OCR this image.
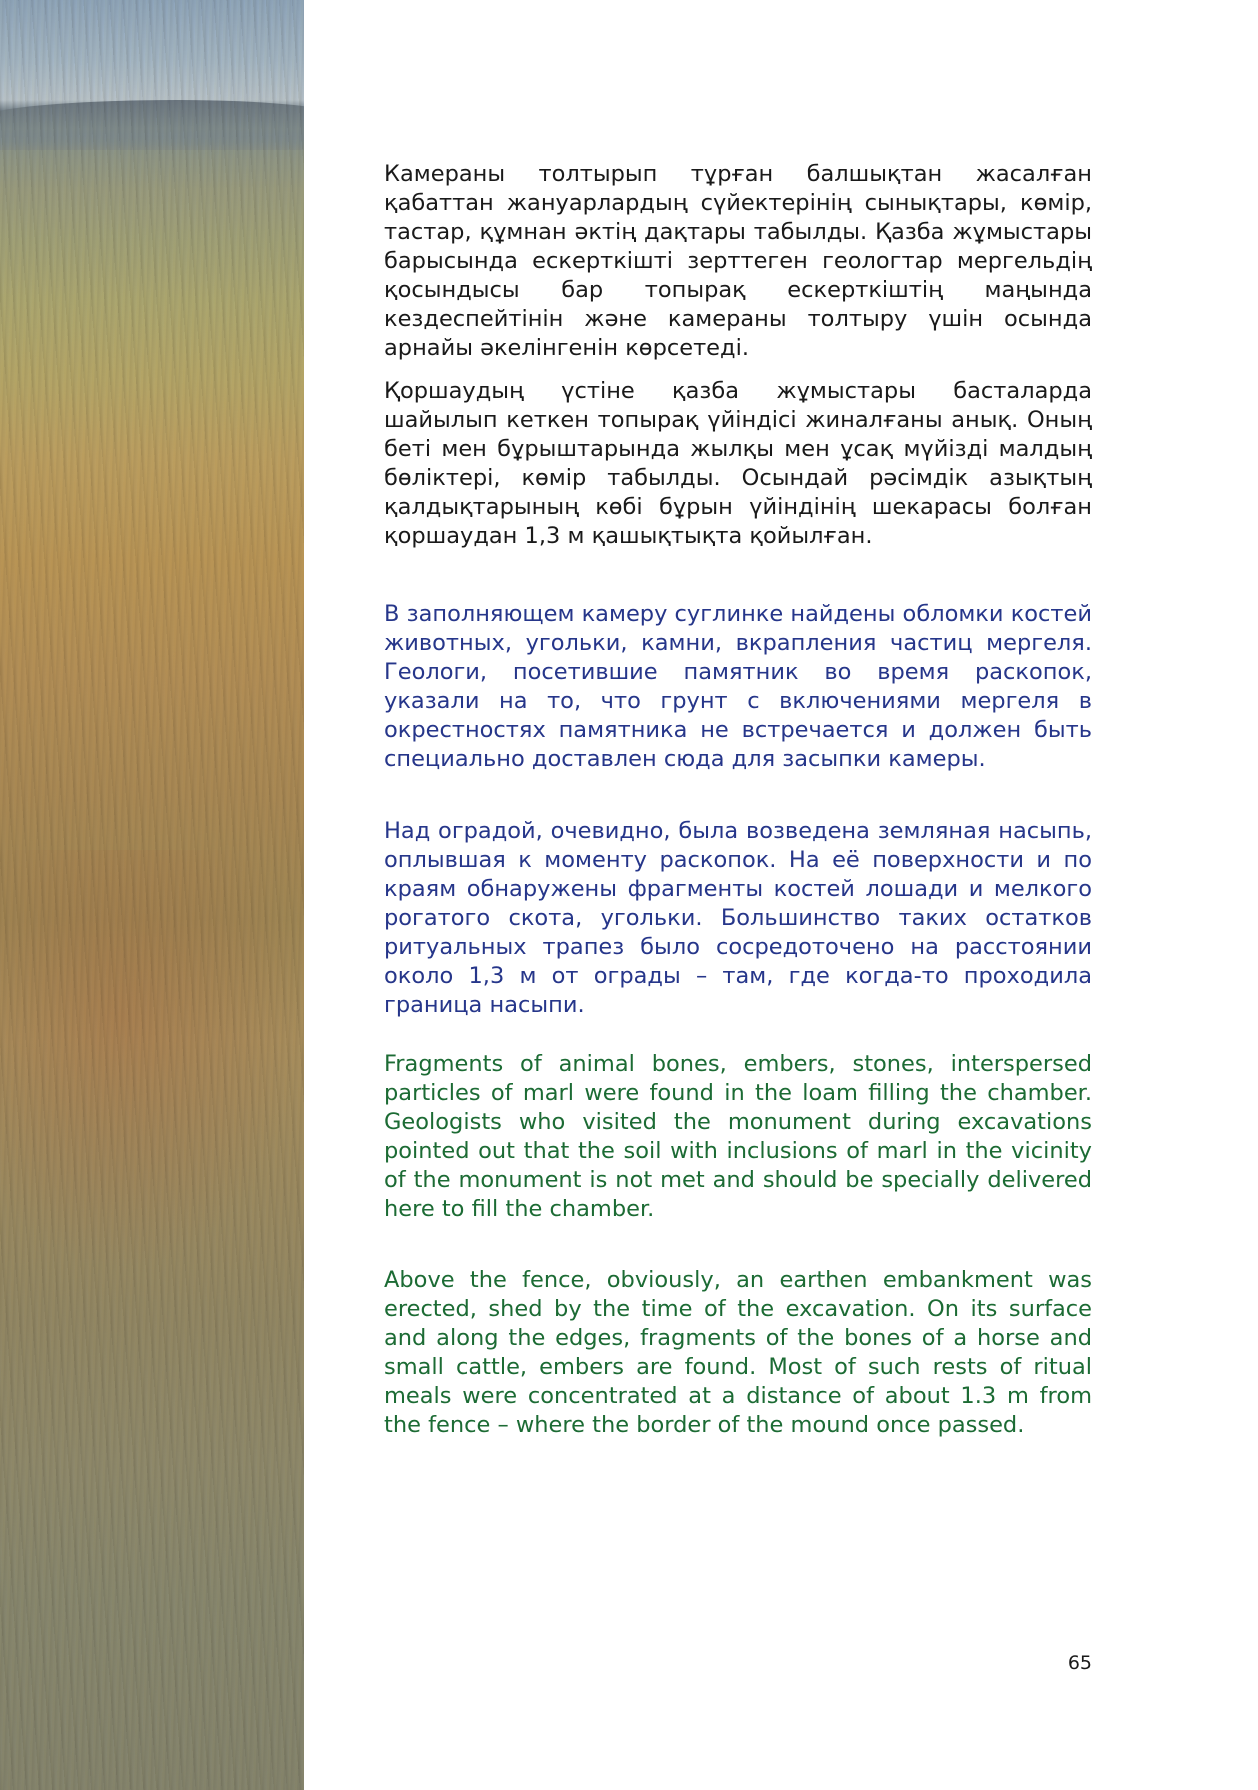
Камераны толтырып тұрған балшықтан жасалған қабаттан жануарлардың сүйектерінің сынықтары, көмір, тастар, құмнан әктің дақтары табылды. Қазба жұмыстары барысында ескерткішті зерттеген геологтар мергельдің қосындысы бар топырақ ескерткіштің маңында кездеспейтінін және камераны толтыру үшін осында арнайы әкелінгенін көрсетеді.

Қоршаудың үстіне қазба жұмыстары басталарда шайылып кеткен топырақ үйіндісі жиналғаны анық. Оның беті мен бұрыштарында жылқы мен ұсақ мүйізді малдың бөліктері, көмір табылды. Осындай рәсімдік азықтың қалдықтарының көбі бұрын үйіндінің шекарасы болған қоршаудан 1,3 м қашықтықта қойылған.

В заполняющем камеру суглинке найдены обломки костей животных, угольки, камни, вкрапления частиц мергеля. Геологи, посетившие памятник во время раскопок, указали на то, что грунт с включениями мергеля в окрестностях памятника не встречается и должен быть специально доставлен сюда для засыпки камеры.

Над оградой, очевидно, была возведена земляная насыпь, оплывшая к моменту раскопок. На её поверхности и по краям обнаружены фрагменты костей лошади и мелкого рогатого скота, угольки. Большинство таких остатков ритуальных трапез было сосредоточено на расстоянии около 1,3 м от ограды – там, где когда-то проходила граница насыпи.

Fragments of animal bones, embers, stones, interspersed particles of marl were found in the loam filling the chamber. Geologists who visited the monument during excavations pointed out that the soil with inclusions of marl in the vicinity of the monument is not met and should be specially delivered here to fill the chamber.

Above the fence, obviously, an earthen embankment was erected, shed by the time of the excavation. On its surface and along the edges, fragments of the bones of a horse and small cattle, embers are found. Most of such rests of ritual meals were concentrated at a distance of about 1.3 m from the fence – where the border of the mound once passed.

65
